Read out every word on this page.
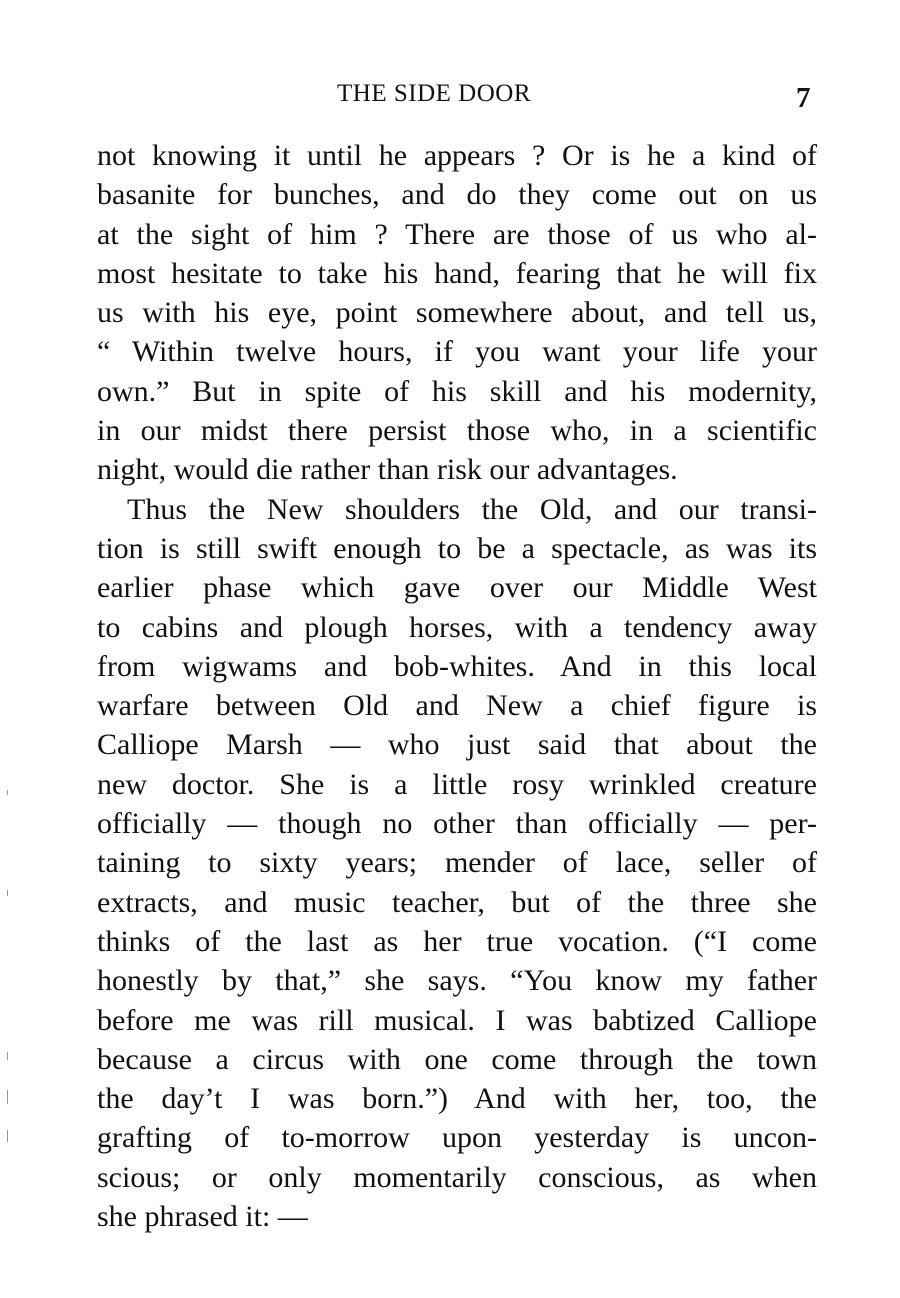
THE SIDE DOOR	7
not knowing it until he appears ? Or is he a kind of
basanite for bunches, and do they come out on us
at the sight of him ? There are those of us who al-
most hesitate to take his hand, fearing that he will fix
us with his eye, point somewhere about, and tell us,
“ Within twelve hours, if you want your life your
own.” But in spite of his skill and his modernity,
in our midst there persist those who, in a scientific
night, would die rather than risk our advantages.
Thus the New shoulders the Old, and our transi-
tion is still swift enough to be a spectacle, as was its
earlier phase which gave over our Middle West
to cabins and plough horses, with a tendency away
from wigwams and bob-whites. And in this local
warfare between Old and New a chief figure is
Calliope Marsh — who just said that about the
new doctor. She is a little rosy wrinkled creature
officially — though no other than officially — per-
taining to sixty years; mender of lace, seller of
extracts, and music teacher, but of the three she
thinks of the last as her true vocation. (“I come
honestly by that,” she says. “You know my father
before me was rill musical. I was babtized Calliope
because a circus with one come through the town
the day’t I was born.”) And with her, too, the
grafting of to-morrow upon yesterday is uncon-
scious; or only momentarily conscious, as when
she phrased it: —
